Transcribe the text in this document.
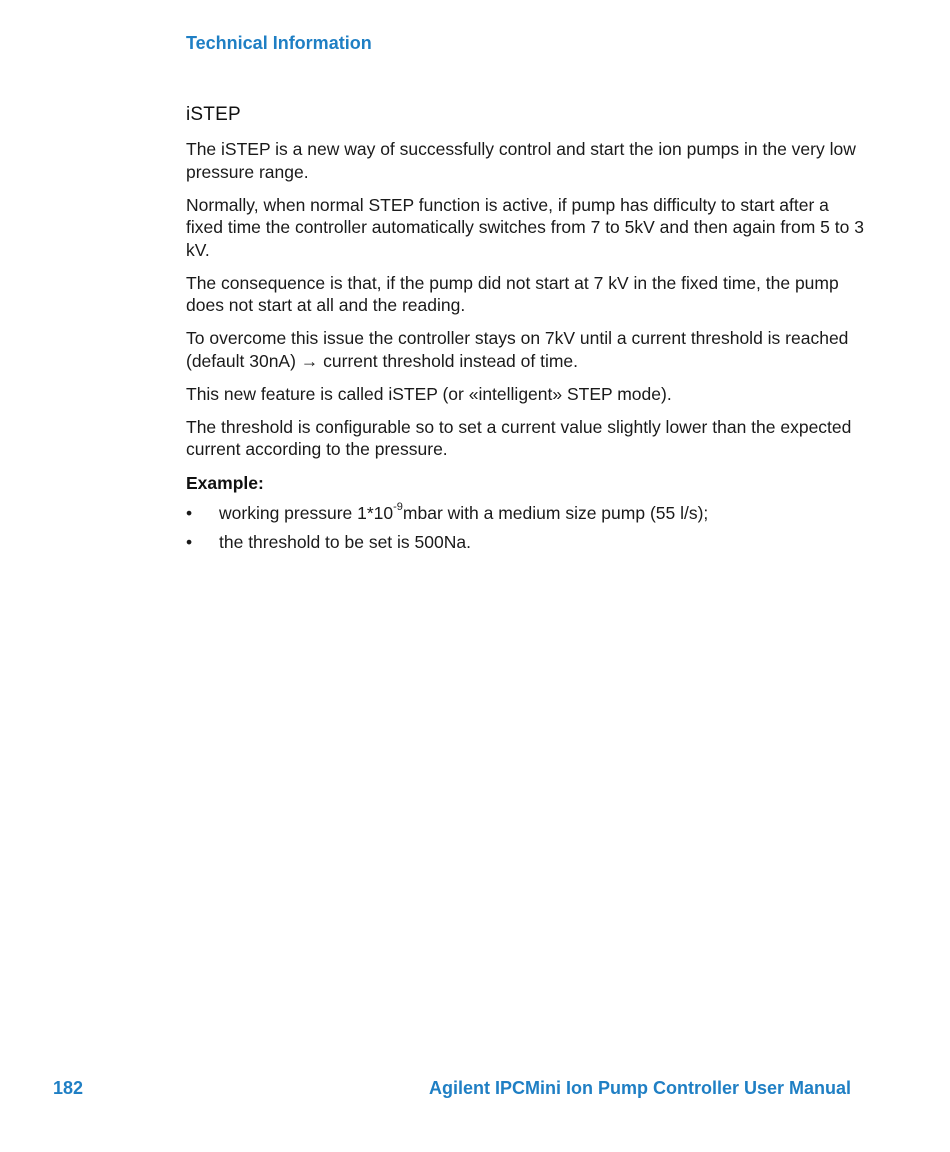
Technical Information
iSTEP

The iSTEP is a new way of successfully control and start the ion pumps in the very low pressure range.

Normally, when normal STEP function is active, if pump has difficulty to start after a fixed time the controller automatically switches from 7 to 5kV and then again from 5 to 3 kV.

The consequence is that, if the pump did not start at 7 kV in the fixed time, the pump does not start at all and the reading.

To overcome this issue the controller stays on 7kV until a current threshold is reached (default 30nA) → current threshold instead of time.

This new feature is called iSTEP (or «intelligent» STEP mode).

The threshold is configurable so to set a current value slightly lower than the expected current according to the pressure.

Example:
• working pressure $1*10^{-9}mbar$ with a medium size pump (55 l/s);
• the threshold to be set is 500Na.
182	Agilent IPCMini Ion Pump Controller User Manual
